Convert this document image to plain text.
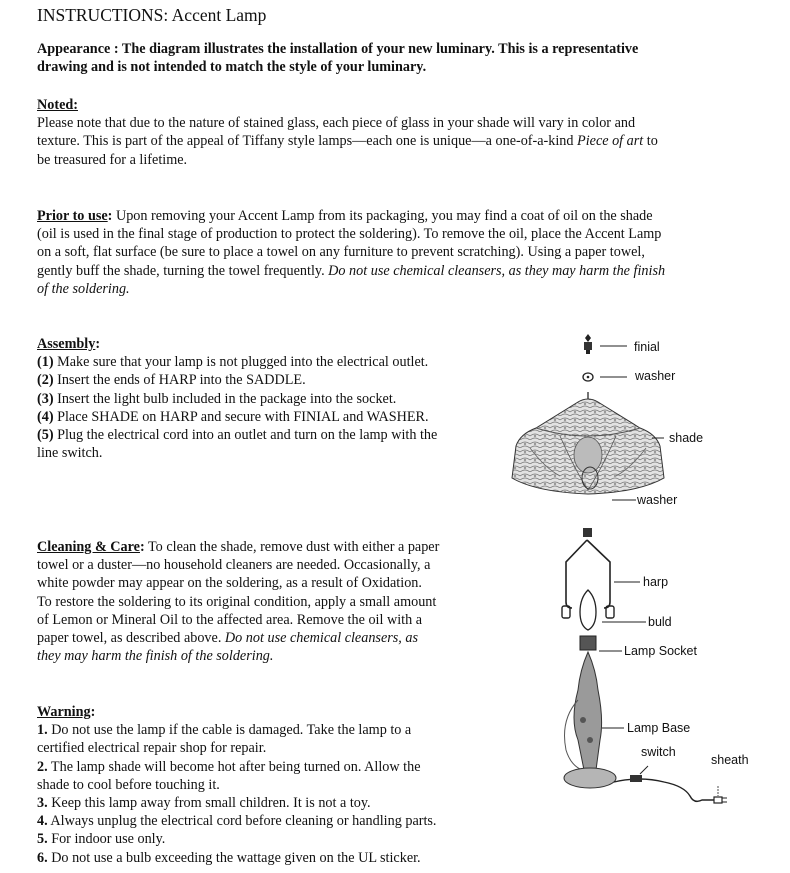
INSTRUCTIONS: Accent Lamp
Appearance : The diagram illustrates the installation of your new luminary. This is a representative
drawing and is not intended to match the style of your luminary.
Noted:
Please note that due to the nature of stained glass, each piece of glass in your shade will vary in color and
texture. This is part of the appeal of Tiffany style lamps—each one is unique—a one-of-a-kind Piece of art to
be treasured for a lifetime.
Prior to use: Upon removing your Accent Lamp from its packaging, you may find a coat of oil on the shade
(oil is used in the final stage of production to protect the soldering). To remove the oil, place the Accent Lamp
on a soft, flat surface (be sure to place a towel on any furniture to prevent scratching). Using a paper towel,
gently buff the shade, turning the towel frequently. Do not use chemical cleansers, as they may harm the finish
of the soldering.
Assembly:
(1) Make sure that your lamp is not plugged into the electrical outlet.
(2) Insert the ends of HARP into the SADDLE.
(3) Insert the light bulb included in the package into the socket.
(4) Place SHADE on HARP and secure with FINIAL and WASHER.
(5) Plug the electrical cord into an outlet and turn on the lamp with the
line switch.
Cleaning & Care: To clean the shade, remove dust with either a paper
towel or a duster—no household cleaners are needed. Occasionally, a
white powder may appear on the soldering, as a result of Oxidation.
To restore the soldering to its original condition, apply a small amount
of Lemon or Mineral Oil to the affected area. Remove the oil with a
paper towel, as described above. Do not use chemical cleansers, as
they may harm the finish of the soldering.
Warning:
1. Do not use the lamp if the cable is damaged. Take the lamp to a
certified electrical repair shop for repair.
2. The lamp shade will become hot after being turned on. Allow the
shade to cool before touching it.
3. Keep this lamp away from small children. It is not a toy.
4. Always unplug the electrical cord before cleaning or handling parts.
5. For indoor use only.
6. Do not use a bulb exceeding the wattage given on the UL sticker.
finial
washer
shade
washer
harp
buld
Lamp Socket
Lamp Base
switch
sheath
